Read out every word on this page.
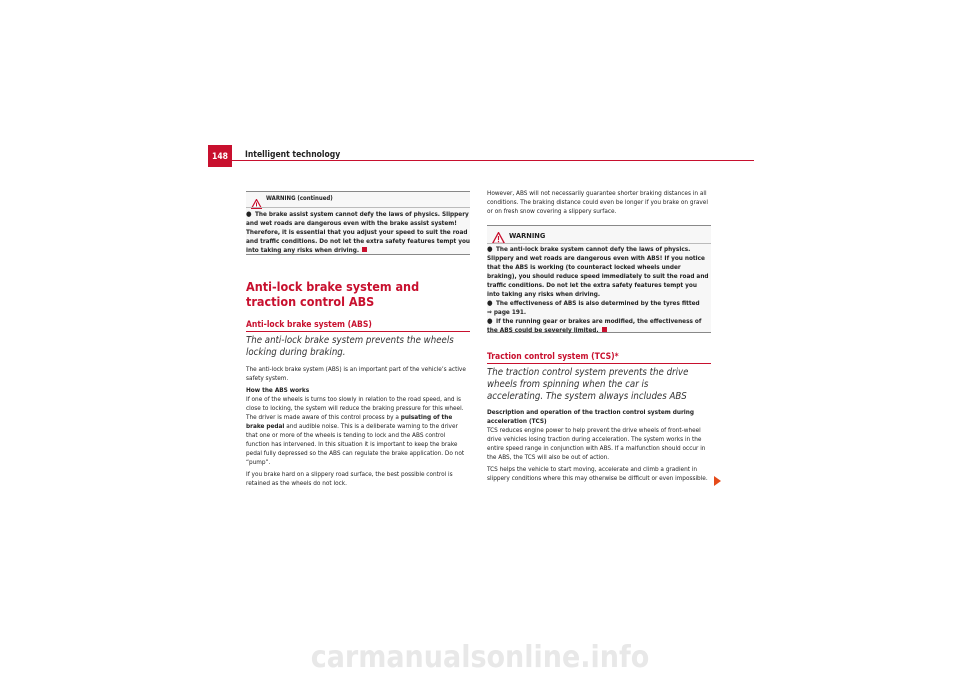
148	Intelligent technology
WARNING (continued)
● The brake assist system cannot defy the laws of physics. Slippery and wet roads are dangerous even with the brake assist system! Therefore, it is essential that you adjust your speed to suit the road and traffic conditions. Do not let the extra safety features tempt you into taking any risks when driving.
Anti-lock brake system and traction control ABS
Anti-lock brake system (ABS)
The anti-lock brake system prevents the wheels locking during braking.
The anti-lock brake system (ABS) is an important part of the vehicle’s active safety system.
How the ABS works
If one of the wheels is turns too slowly in relation to the road speed, and is close to locking, the system will reduce the braking pressure for this wheel. The driver is made aware of this control process by a pulsating of the brake pedal and audible noise. This is a deliberate warning to the driver that one or more of the wheels is tending to lock and the ABS control function has intervened. In this situation it is important to keep the brake pedal fully depressed so the ABS can regulate the brake application. Do not “pump”.
If you brake hard on a slippery road surface, the best possible control is retained as the wheels do not lock.
However, ABS will not necessarily guarantee shorter braking distances in all conditions. The braking distance could even be longer if you brake on gravel or on fresh snow covering a slippery surface.
WARNING
● The anti-lock brake system cannot defy the laws of physics. Slippery and wet roads are dangerous even with ABS! If you notice that the ABS is working (to counteract locked wheels under braking), you should reduce speed immediately to suit the road and traffic conditions. Do not let the extra safety features tempt you into taking any risks when driving.
● The effectiveness of ABS is also determined by the tyres fitted
⇒ page 191.
● If the running gear or brakes are modified, the effectiveness of the ABS could be severely limited.
Traction control system (TCS)*
The traction control system prevents the drive wheels from spinning when the car is accelerating. The system always includes ABS
Description and operation of the traction control system during acceleration (TCS)
TCS reduces engine power to help prevent the drive wheels of front-wheel drive vehicles losing traction during acceleration. The system works in the entire speed range in conjunction with ABS. If a malfunction should occur in the ABS, the TCS will also be out of action.
TCS helps the vehicle to start moving, accelerate and climb a gradient in slippery conditions where this may otherwise be difficult or even impossible.
carmanualsonline.info
